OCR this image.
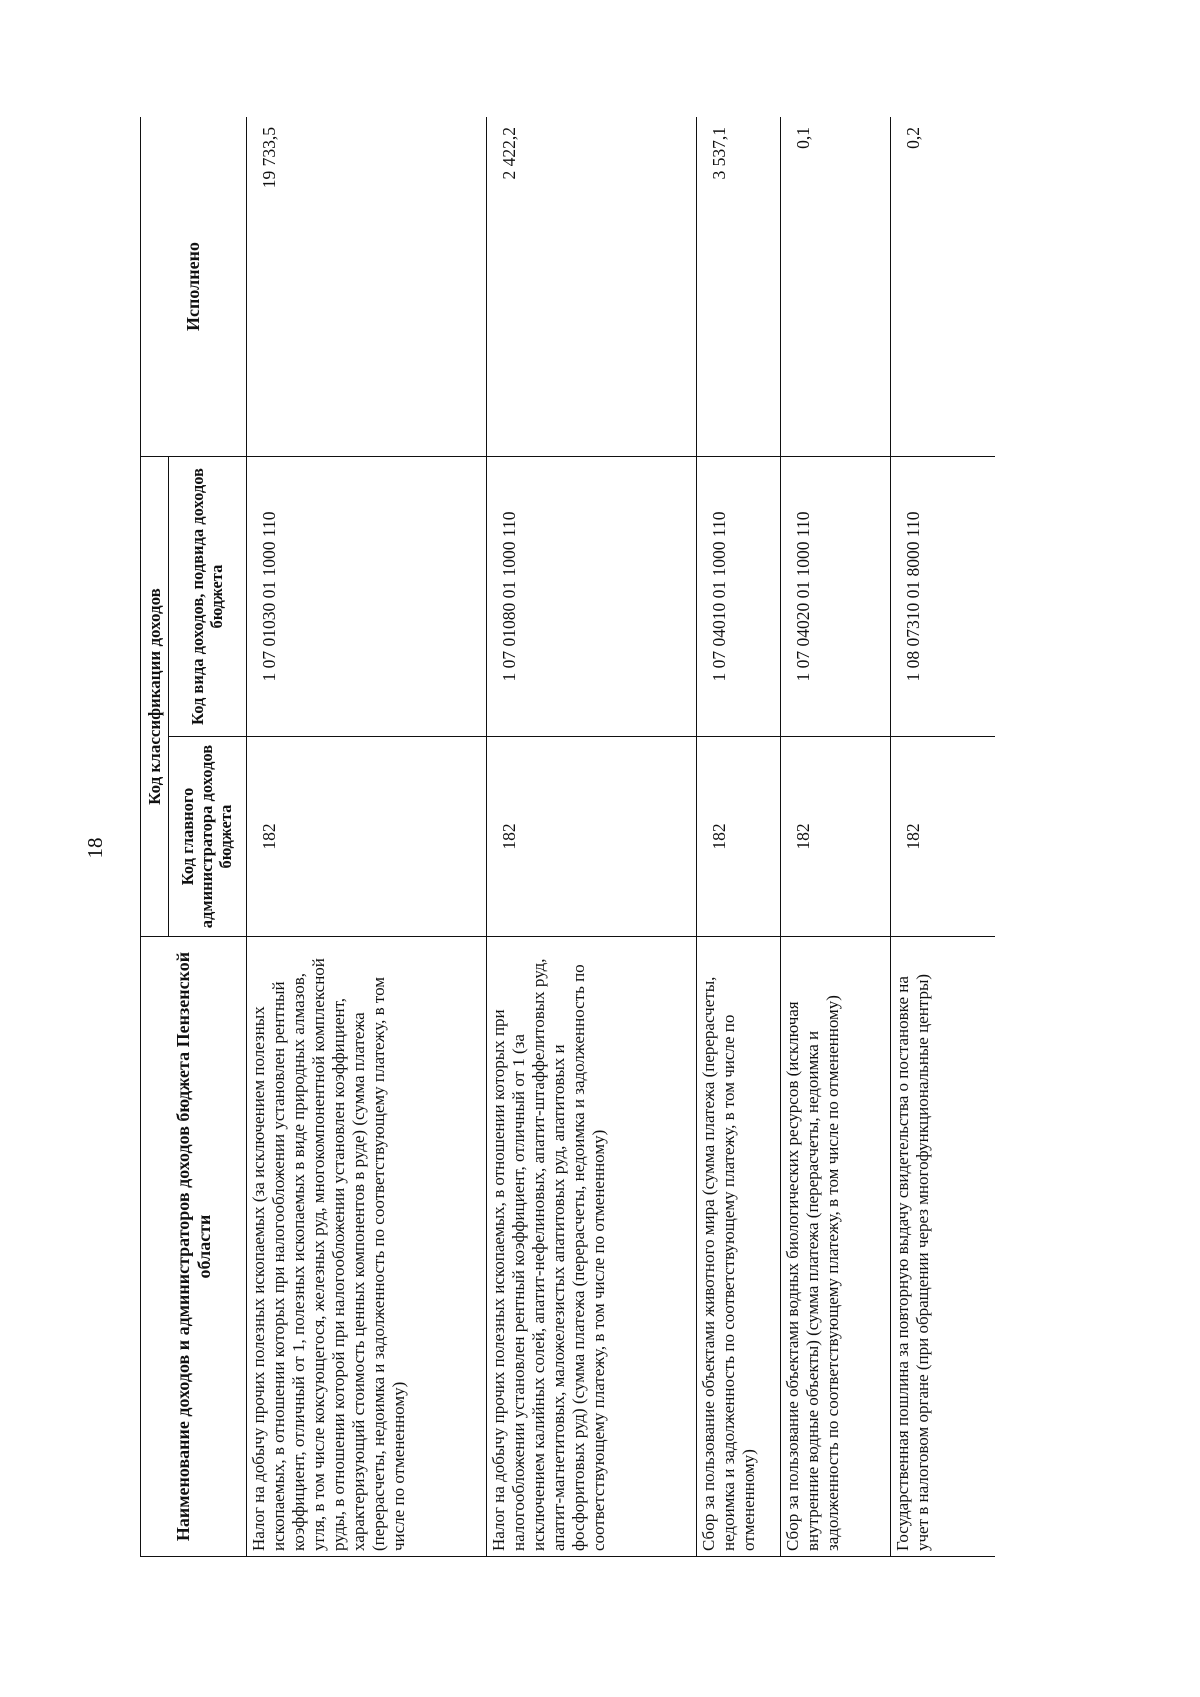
18
Наименование доходов и администраторов доходов бюджета Пензенской области	Код классификации доходов		Исполнено
	Код главного администратора доходов бюджета	Код вида доходов, подвида доходов бюджета	
Налог на добычу прочих полезных ископаемых (за исключением полезных ископаемых, в отношении которых при налогообложении установлен рентный коэффициент, отличный от 1, полезных ископаемых в виде природных алмазов, угля, в том числе коксующегося, железных руд, многокомпонентной комплексной руды, в отношении которой при налогообложении установлен коэффициент, характеризующий стоимость ценных компонентов в руде) (сумма платежа (перерасчеты, недоимка и задолженность по соответствующему платежу, в том числе по отмененному)	182	1 07 01030 01 1000 110	19 733,5
Налог на добычу прочих полезных ископаемых, в отношении которых при налогообложении установлен рентный коэффициент, отличный от 1 (за исключением калийных солей, апатит-нефелиновых, апатит-штаффелитовых руд, апатит-магнетитовых, маложелезистых апатитовых руд, апатитовых и фосфоритовых руд) (сумма платежа (перерасчеты, недоимка и задолженность по соответствующему платежу, в том числе по отмененному)	182	1 07 01080 01 1000 110	2 422,2
Сбор за пользование объектами животного мира (сумма платежа (перерасчеты, недоимка и задолженность по соответствующему платежу, в том числе по отмененному)	182	1 07 04010 01 1000 110	3 537,1
Сбор за пользование объектами водных биологических ресурсов (исключая внутренние водные объекты) (сумма платежа (перерасчеты, недоимка и задолженность по соответствующему платежу, в том числе по отмененному)	182	1 07 04020 01 1000 110	0,1
Государственная пошлина за повторную выдачу свидетельства о постановке на учет в налоговом органе (при обращении через многофункциональные центры)	182	1 08 07310 01 8000 110	0,2
